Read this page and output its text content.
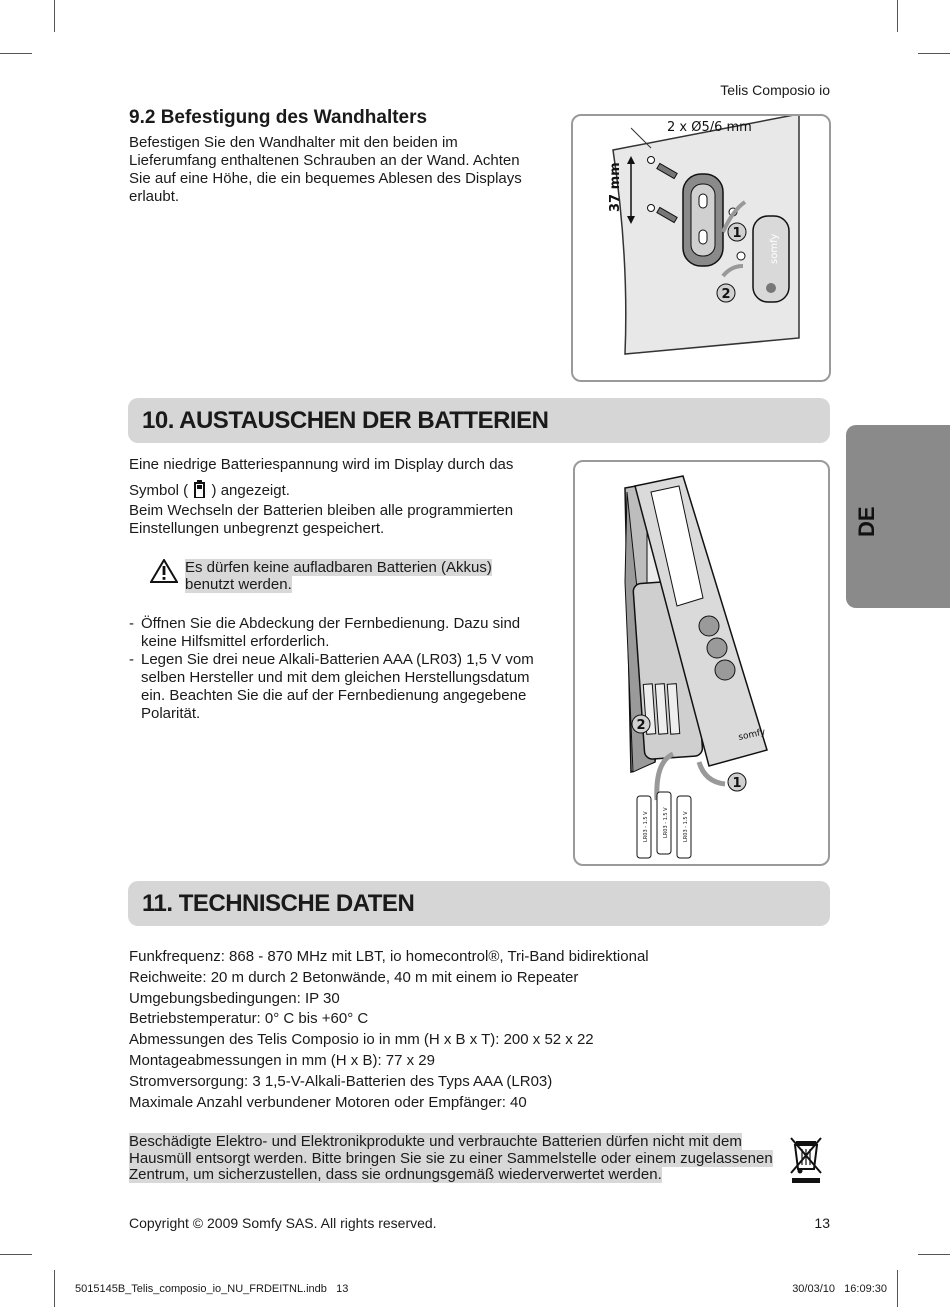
Telis Composio io
9.2 Befestigung des Wandhalters
Befestigen Sie den Wandhalter mit den beiden im
Lieferumfang enthaltenen Schrauben an der Wand. Achten
Sie auf eine Höhe, die ein bequemes Ablesen des Displays
erlaubt.
2 x Ø5/6 mm
37 mm
1
somfy
2
10. AUSTAUSCHEN DER BATTERIEN
Eine niedrige Batteriespannung wird im Display durch das
Symbol ( ) angezeigt.
Beim Wechseln der Batterien bleiben alle programmierten
Einstellungen unbegrenzt gespeichert.
Es dürfen keine aufladbaren Batterien (Akkus)
benutzt werden.
- Öffnen Sie die Abdeckung der Fernbedienung. Dazu sind
keine Hilfsmittel erforderlich.
- Legen Sie drei neue Alkali-Batterien AAA (LR03) 1,5 V vom
selben Hersteller und mit dem gleichen Herstellungsdatum
ein. Beachten Sie die auf der Fernbedienung angegebene
Polarität.
somfy
2
1
LR03 - 1.5 V	LR03 - 1.5 V	LR03 - 1.5 V
DE
11. TECHNISCHE DATEN
Funkfrequenz: 868 - 870 MHz mit LBT, io homecontrol®, Tri-Band bidirektional
Reichweite: 20 m durch 2 Betonwände, 40 m mit einem io Repeater
Umgebungsbedingungen: IP 30
Betriebstemperatur: 0° C bis +60° C
Abmessungen des Telis Composio io in mm (H x B x T): 200 x 52 x 22
Montageabmessungen in mm (H x B): 77 x 29
Stromversorgung: 3 1,5-V-Alkali-Batterien des Typs AAA (LR03)
Maximale Anzahl verbundener Motoren oder Empfänger: 40
Beschädigte Elektro- und Elektronikprodukte und verbrauchte Batterien dürfen nicht mit dem
Hausmüll entsorgt werden. Bitte bringen Sie sie zu einer Sammelstelle oder einem zugelassenen
Zentrum, um sicherzustellen, dass sie ordnungsgemäß wiederverwertet werden.
Copyright © 2009 Somfy SAS. All rights reserved.	13
5015145B_Telis_composio_io_NU_FRDEITNL.indb   13	30/03/10   16:09:30
